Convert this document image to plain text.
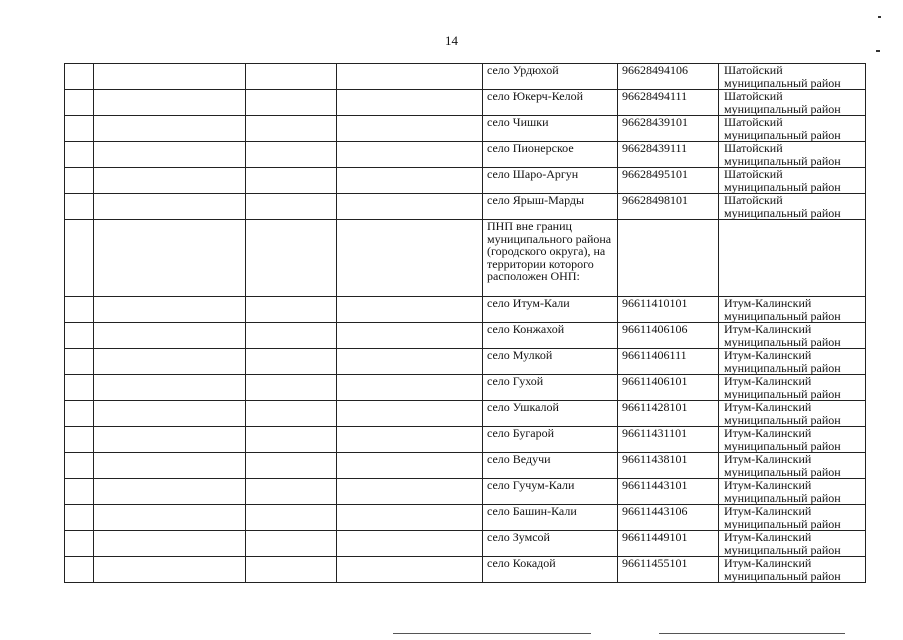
14
				село Урдюхой	96628494106	Шатойский муниципальный район
				село Юкерч-Келой	96628494111	Шатойский муниципальный район
				село Чишки	96628439101	Шатойский муниципальный район
				село Пионерское	96628439111	Шатойский муниципальный район
				село Шаро-Аргун	96628495101	Шатойский муниципальный район
				село Ярыш-Марды	96628498101	Шатойский муниципальный район
				ПНП вне границ муниципального района (городского округа), на территории которого расположен ОНП:		
				село Итум-Кали	96611410101	Итум-Калинский муниципальный район
				село Конжахой	96611406106	Итум-Калинский муниципальный район
				село Мулкой	96611406111	Итум-Калинский муниципальный район
				село Гухой	96611406101	Итум-Калинский муниципальный район
				село Ушкалой	96611428101	Итум-Калинский муниципальный район
				село Бугарой	96611431101	Итум-Калинский муниципальный район
				село Ведучи	96611438101	Итум-Калинский муниципальный район
				село Гучум-Кали	96611443101	Итум-Калинский муниципальный район
				село Башин-Кали	96611443106	Итум-Калинский муниципальный район
				село Зумсой	96611449101	Итум-Калинский муниципальный район
				село Кокадой	96611455101	Итум-Калинский муниципальный район
